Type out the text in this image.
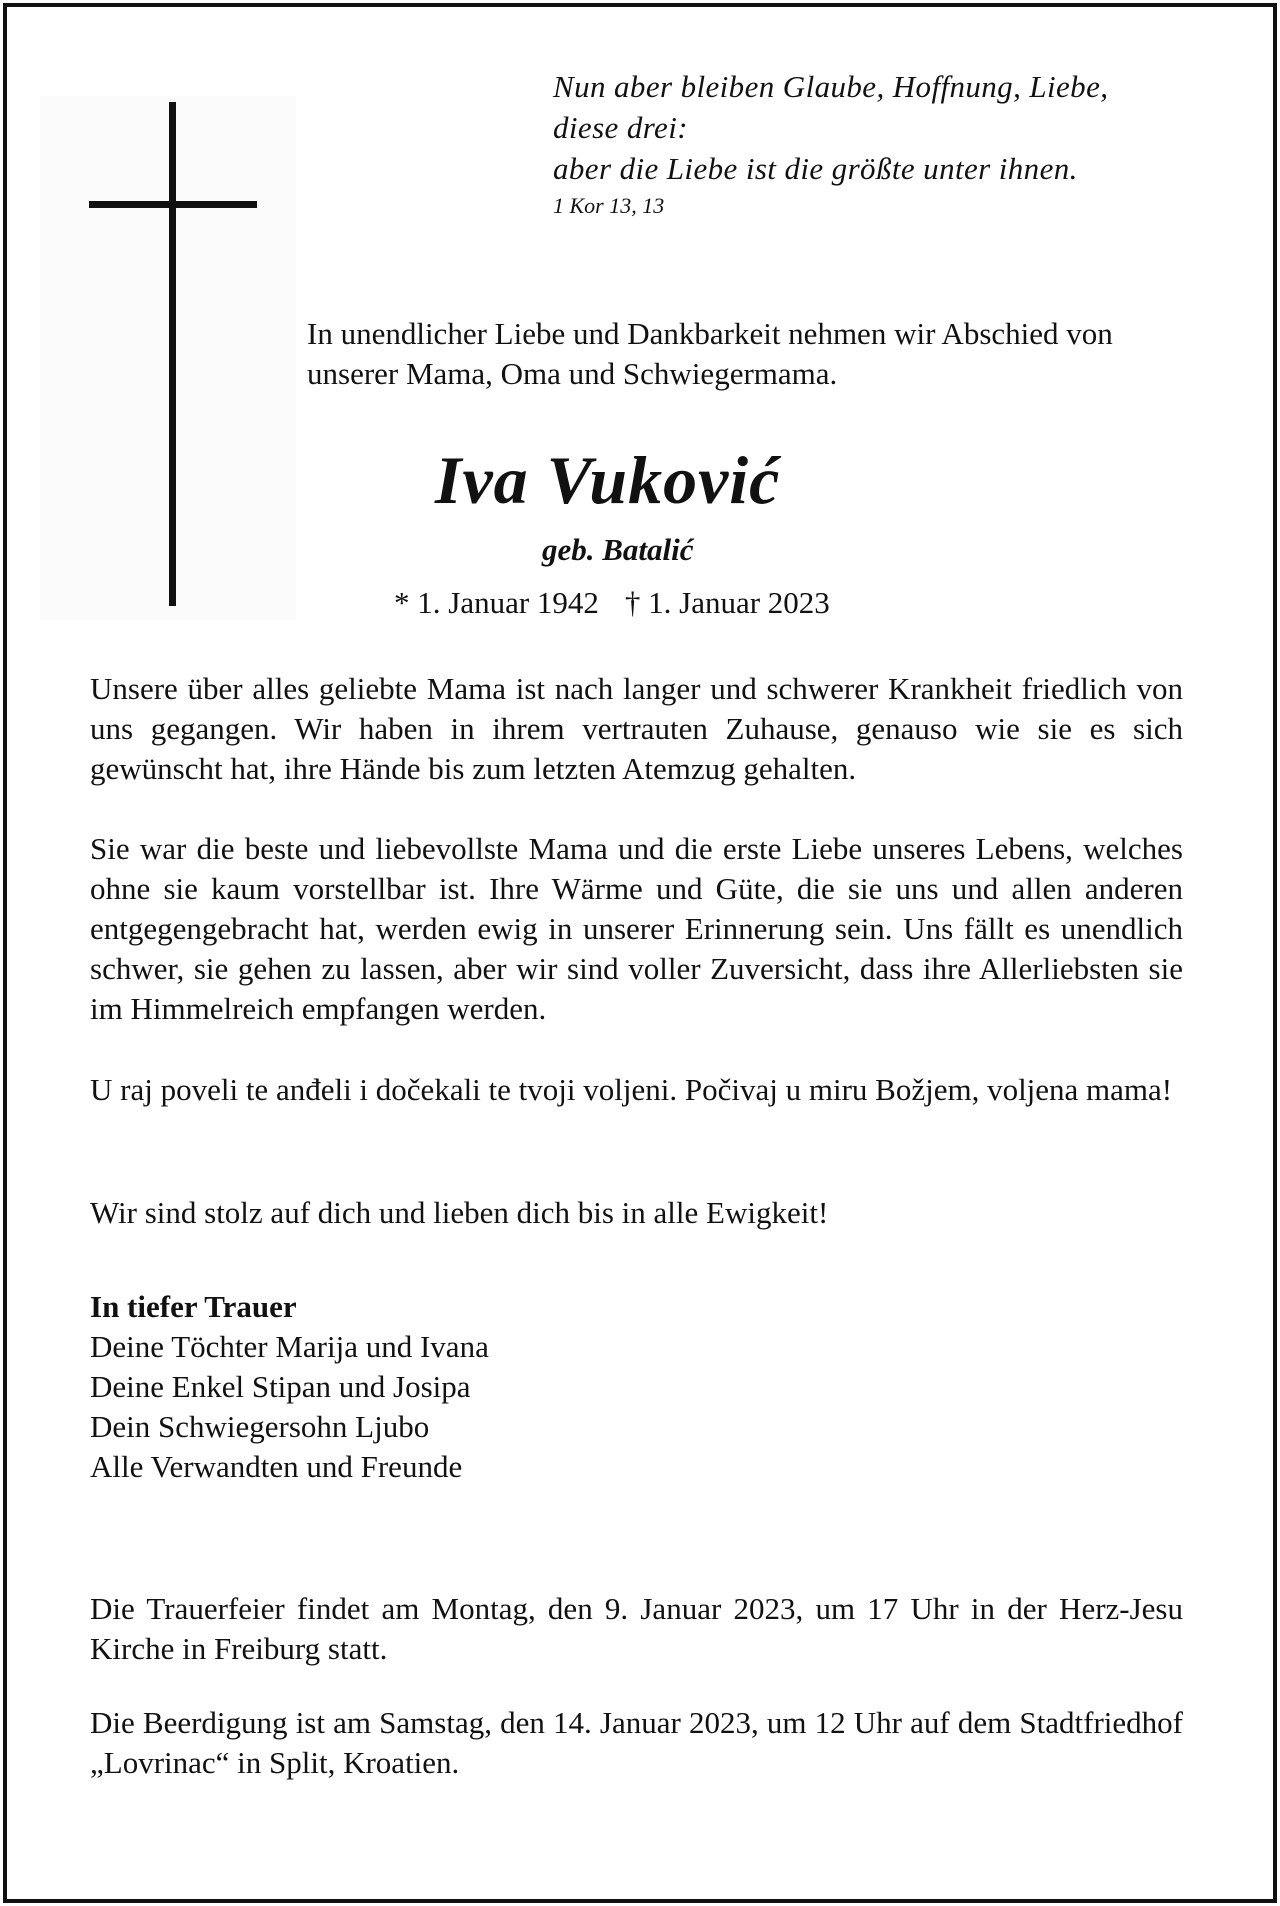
Nun aber bleiben Glaube, Hoffnung, Liebe,
diese drei:
aber die Liebe ist die größte unter ihnen.
1 Kor 13, 13
In unendlicher Liebe und Dankbarkeit nehmen wir Abschied von unserer Mama, Oma und Schwiegermama.
Iva Vuković
geb. Batalić
* 1. Januar 1942 † 1. Januar 2023
Unsere über alles geliebte Mama ist nach langer und schwerer Krankheit friedlich von uns gegangen. Wir haben in ihrem vertrauten Zuhause, genauso wie sie es sich gewünscht hat, ihre Hände bis zum letzten Atemzug gehalten.
Sie war die beste und liebevollste Mama und die erste Liebe unseres Lebens, welches ohne sie kaum vorstellbar ist. Ihre Wärme und Güte, die sie uns und allen anderen entgegengebracht hat, werden ewig in unserer Erinnerung sein. Uns fällt es unendlich schwer, sie gehen zu lassen, aber wir sind voller Zuversicht, dass ihre Allerliebsten sie im Himmelreich empfangen werden.
U raj poveli te anđeli i dočekali te tvoji voljeni. Počivaj u miru Božjem, voljena mama!
Wir sind stolz auf dich und lieben dich bis in alle Ewigkeit!
In tiefer Trauer
Deine Töchter Marija und Ivana
Deine Enkel Stipan und Josipa
Dein Schwiegersohn Ljubo
Alle Verwandten und Freunde
Die Trauerfeier findet am Montag, den 9. Januar 2023, um 17 Uhr in der Herz-Jesu Kirche in Freiburg statt.
Die Beerdigung ist am Samstag, den 14. Januar 2023, um 12 Uhr auf dem Stadtfriedhof „Lovrinac“ in Split, Kroatien.
